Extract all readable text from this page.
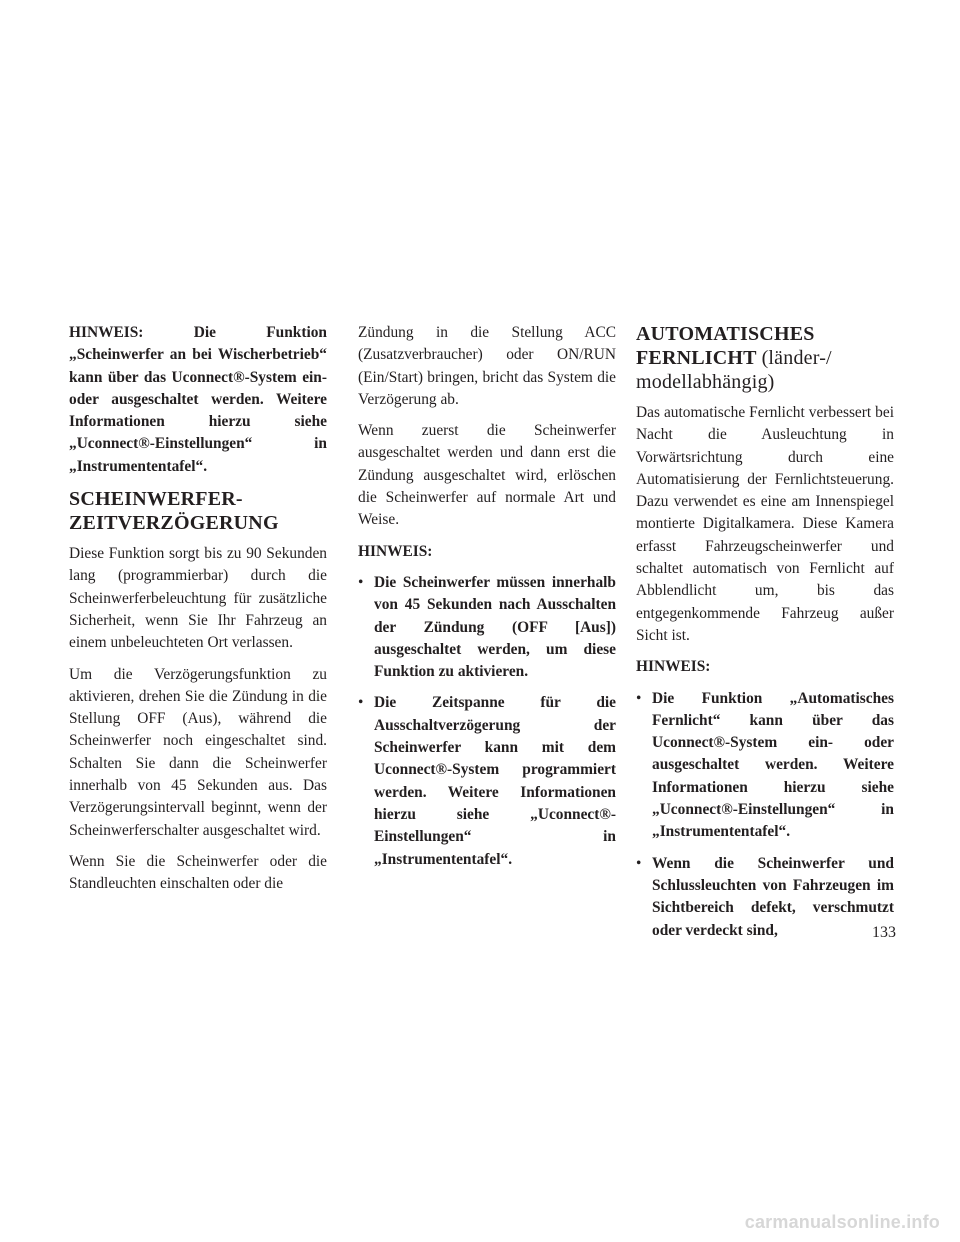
HINWEIS: Die Funktion „Scheinwerfer an bei Wischerbetrieb“ kann über das Uconnect®-System ein- oder ausgeschaltet werden. Weitere Informationen hierzu siehe „Uconnect®-Einstellungen“ in „Instrumententafel“.

SCHEINWERFER-
ZEITVERZÖGERUNG

Diese Funktion sorgt bis zu 90 Sekunden lang (programmierbar) durch die Scheinwerferbeleuchtung für zusätzliche Sicherheit, wenn Sie Ihr Fahrzeug an einem unbeleuchteten Ort verlassen.

Um die Verzögerungsfunktion zu aktivieren, drehen Sie die Zündung in die Stellung OFF (Aus), während die Scheinwerfer noch eingeschaltet sind. Schalten Sie dann die Scheinwerfer innerhalb von 45 Sekunden aus. Das Verzögerungsintervall beginnt, wenn der Scheinwerferschalter ausgeschaltet wird.

Wenn Sie die Scheinwerfer oder die Standleuchten einschalten oder die

Zündung in die Stellung ACC (Zusatzverbraucher) oder ON/RUN (Ein/Start) bringen, bricht das System die Verzögerung ab.

Wenn zuerst die Scheinwerfer ausgeschaltet werden und dann erst die Zündung ausgeschaltet wird, erlöschen die Scheinwerfer auf normale Art und Weise.

HINWEIS:

• Die Scheinwerfer müssen innerhalb von 45 Sekunden nach Ausschalten der Zündung (OFF [Aus]) ausgeschaltet werden, um diese Funktion zu aktivieren.
• Die Zeitspanne für die Ausschaltverzögerung der Scheinwerfer kann mit dem Uconnect®-System programmiert werden. Weitere Informationen hierzu siehe „Uconnect®-Einstellungen“ in „Instrumententafel“.
AUTOMATISCHES
FERNLICHT (länder-/
modellabhängig)

Das automatische Fernlicht verbessert bei Nacht die Ausleuchtung in Vorwärtsrichtung durch eine Automatisierung der Fernlichtsteuerung. Dazu verwendet es eine am Innenspiegel montierte Digitalkamera. Diese Kamera erfasst Fahrzeugscheinwerfer und schaltet automatisch von Fernlicht auf Abblendlicht um, bis das entgegenkommende Fahrzeug außer Sicht ist.

HINWEIS:

• Die Funktion „Automatisches Fernlicht“ kann über das Uconnect®-System ein- oder ausgeschaltet werden. Weitere Informationen hierzu siehe „Uconnect®-Einstellungen“ in „Instrumententafel“.
• Wenn die Scheinwerfer und Schlussleuchten von Fahrzeugen im Sichtbereich defekt, verschmutzt oder verdeckt sind,	133
carmanualsonline.info
